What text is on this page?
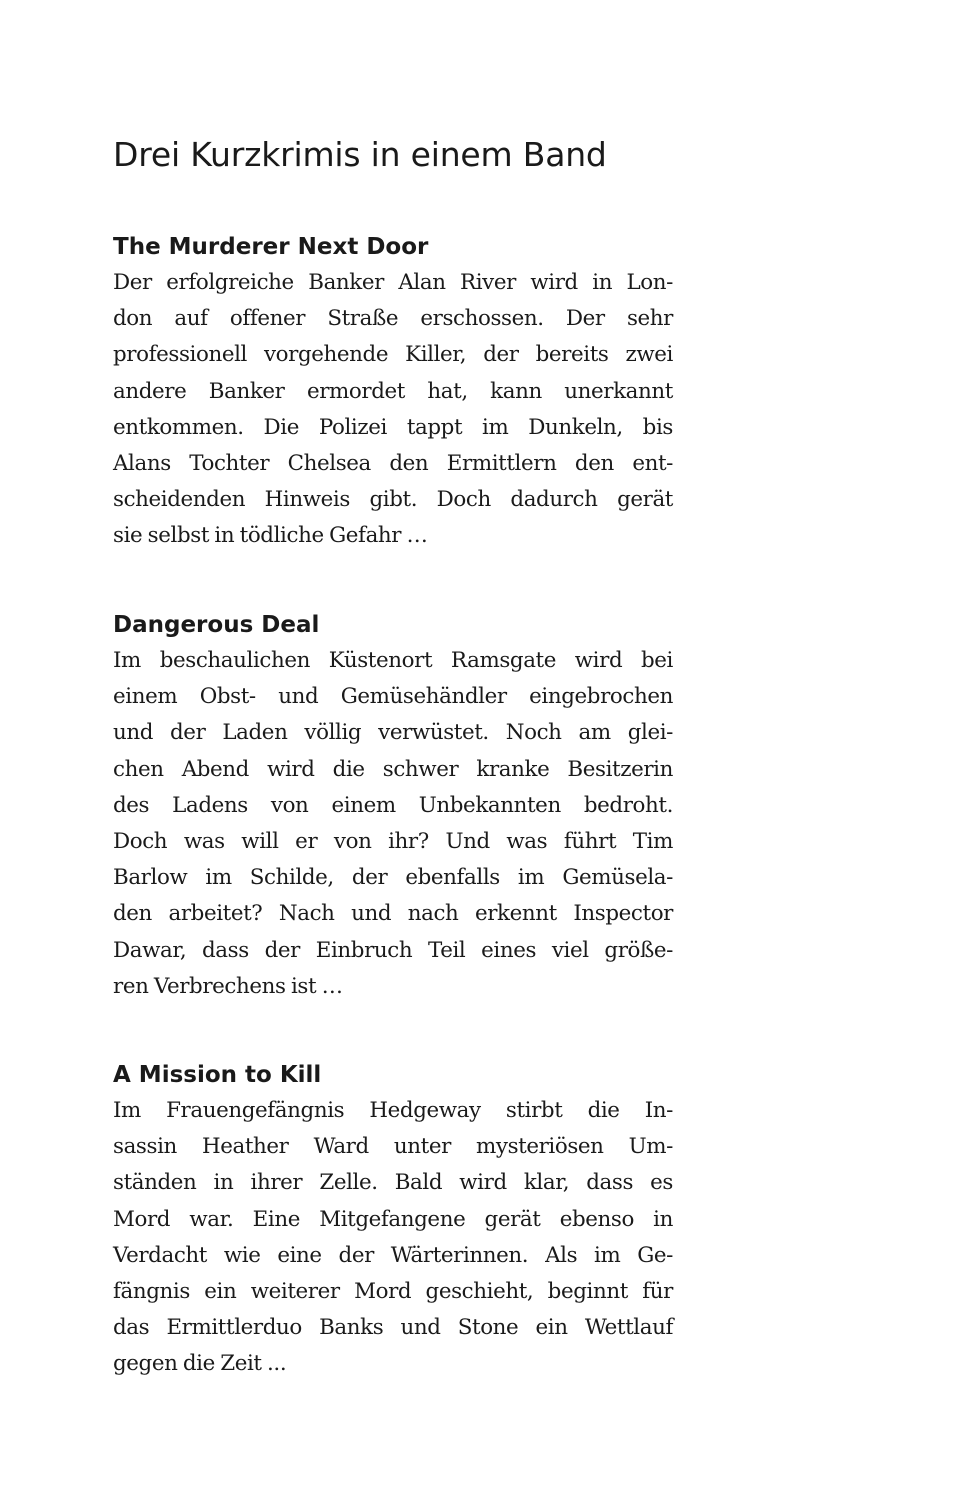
Drei Kurzkrimis in einem Band
The Murderer Next Door
Der erfolgreiche Banker Alan River wird in Lon-
don auf offener Straße erschossen. Der sehr
professionell vorgehende Killer, der bereits zwei
andere Banker ermordet hat, kann unerkannt
entkommen. Die Polizei tappt im Dunkeln, bis
Alans Tochter Chelsea den Ermittlern den ent-
scheidenden Hinweis gibt. Doch dadurch gerät
sie selbst in tödliche Gefahr …
Dangerous Deal
Im beschaulichen Küstenort Ramsgate wird bei
einem Obst- und Gemüsehändler eingebrochen
und der Laden völlig verwüstet. Noch am glei-
chen Abend wird die schwer kranke Besitzerin
des Ladens von einem Unbekannten bedroht.
Doch was will er von ihr? Und was führt Tim
Barlow im Schilde, der ebenfalls im Gemüsela-
den arbeitet? Nach und nach erkennt Inspector
Dawar, dass der Einbruch Teil eines viel größe-
ren Verbrechens ist …
A Mission to Kill
Im Frauengefängnis Hedgeway stirbt die In-
sassin Heather Ward unter mysteriösen Um-
ständen in ihrer Zelle. Bald wird klar, dass es
Mord war. Eine Mitgefangene gerät ebenso in
Verdacht wie eine der Wärterinnen. Als im Ge-
fängnis ein weiterer Mord geschieht, beginnt für
das Ermittlerduo Banks und Stone ein Wettlauf
gegen die Zeit ...
